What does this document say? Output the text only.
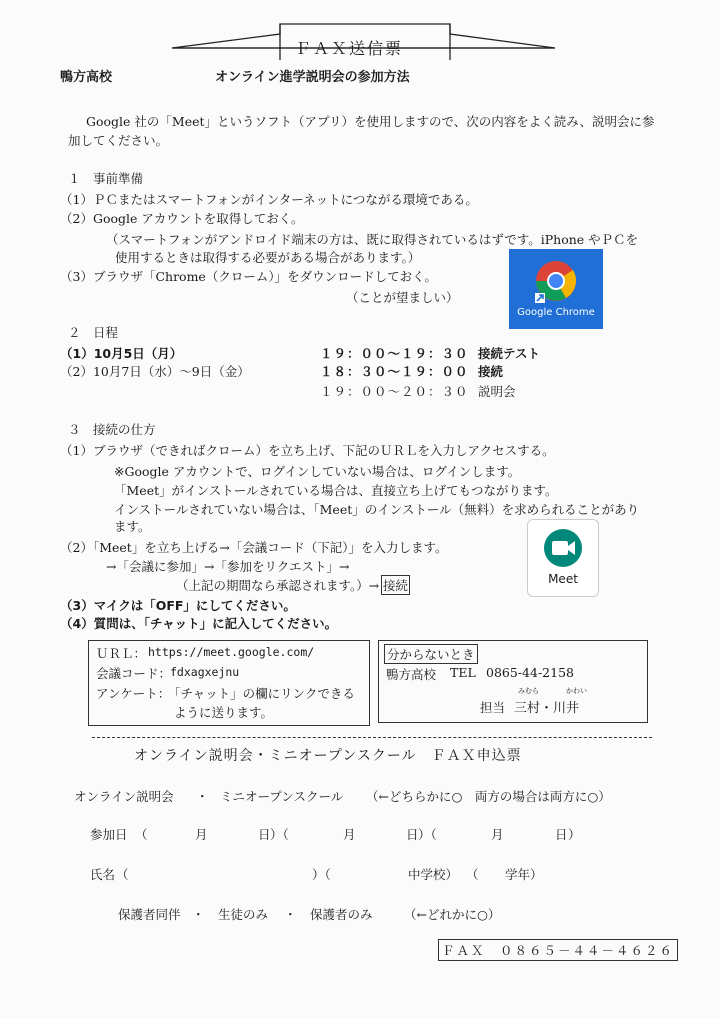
ＦＡＸ送信票
鴨方高校	オンライン進学説明会の参加方法
Google 社の「Meet」というソフト（アプリ）を使用しますので、次の内容をよく読み、説明会に参
加してください。
１　事前準備
（1）ＰＣまたはスマートフォンがインターネットにつながる環境である。
（2）Google アカウントを取得しておく。
（スマートフォンがアンドロイド端末の方は、既に取得されているはずです。iPhone やＰＣを
使用するときは取得する必要がある場合があります。）
（3）ブラウザ「Chrome（クローム）」をダウンロードしておく。
（ことが望ましい）
Google Chrome
２　日程
（1）10月5日（月）	１９：００～１９：３０ 接続テスト
（2）10月7日（水）～9日（金）	１８：３０～１９：００ 接続
１９：００～２０：３０ 説明会
３　接続の仕方
（1）ブラウザ（できればクローム）を立ち上げ、下記のＵＲＬを入力しアクセスする。
※Google アカウントで、ログインしていない場合は、ログインします。
「Meet」がインストールされている場合は、直接立ち上げてもつながります。
インストールされていない場合は、「Meet」のインストール（無料）を求められることがあり
ます。
（2）「Meet」を立ち上げる→「会議コード（下記）」を入力します。
→「会議に参加」→「参加をリクエスト」→
（上記の期間なら承認されます。）→ 接続
（3）マイクは「OFF」にしてください。
（4）質問は、「チャット」に記入してください。
Meet
ＵＲＬ： https://meet.google.com/
会議コード：
fdxagxejnu
アンケート：
「チャット」の欄にリンクできる
ように送ります。
分からないとき
鴨方高校 TEL 0865-44-2158
担当
みむら	かわい
三村・川井
オンライン説明会・ミニオープンスクール　ＦＡＸ申込票
オンライン説明会 ・ ミニオープンスクール （←どちらかに○　両方の場合は両方に○）
参加日 （	月	日 ）（	月	日 ）（	月	日 ）
氏名 （	）（	中学校） （ 学年）
保護者同伴 ・ 生徒のみ ・ 保護者のみ	（←どれかに○）
ＦＡＸ　０８６５－４４－４６２６
